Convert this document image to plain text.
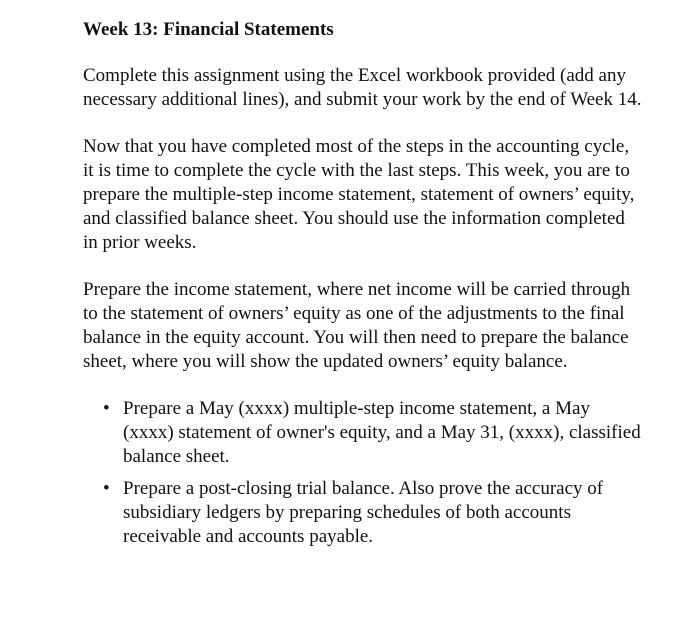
Week 13: Financial Statements

Complete this assignment using the Excel workbook provided (add any necessary additional lines), and submit your work by the end of Week 14.

Now that you have completed most of the steps in the accounting cycle, it is time to complete the cycle with the last steps. This week, you are to prepare the multiple-step income statement, statement of owners’ equity, and classified balance sheet. You should use the information completed in prior weeks.

Prepare the income statement, where net income will be carried through to the statement of owners’ equity as one of the adjustments to the final balance in the equity account. You will then need to prepare the balance sheet, where you will show the updated owners’ equity balance.

• Prepare a May (xxxx) multiple-step income statement, a May (xxxx) statement of owner's equity, and a May 31, (xxxx), classified balance sheet.
• Prepare a post-closing trial balance. Also prove the accuracy of subsidiary ledgers by preparing schedules of both accounts receivable and accounts payable.
